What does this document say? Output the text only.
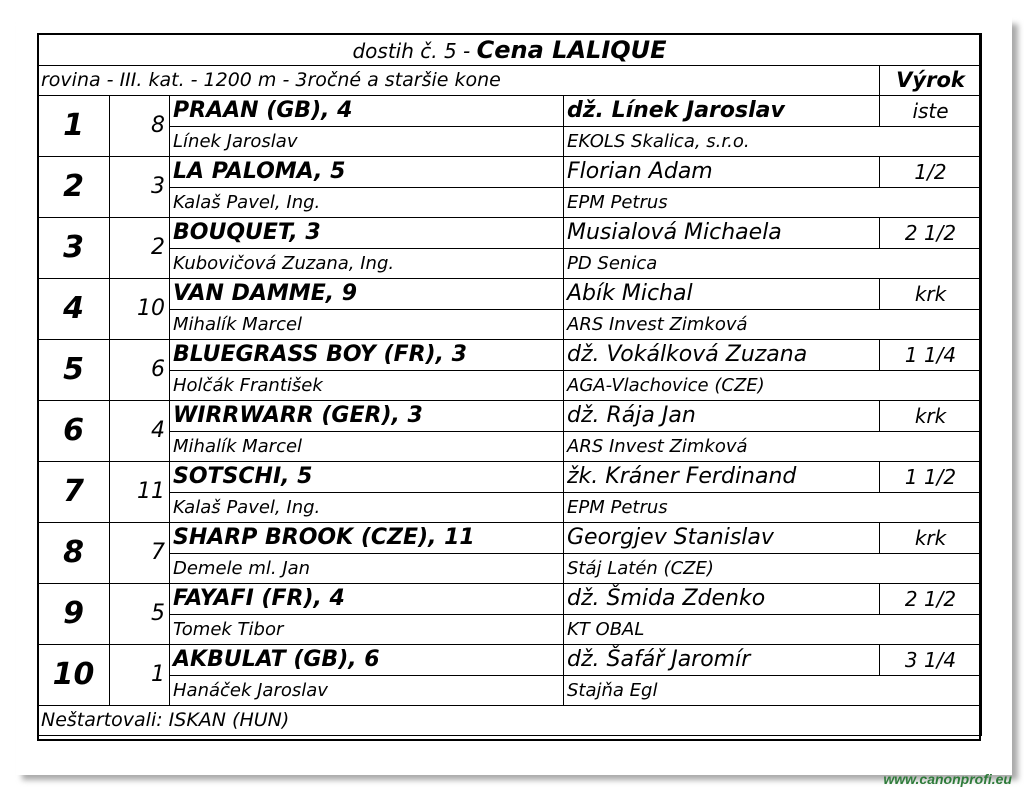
dostih č. 5 - Cena LALIQUE				
rovina - III. kat. - 1200 m - 3ročné a staršie kone				Výrok
1	8	PRAAN (GB), 4	dž. Línek Jaroslav	iste
		Línek Jaroslav	EKOLS Skalica, s.r.o.	
2	3	LA PALOMA, 5	Florian Adam	1/2
		Kalaš Pavel, Ing.	EPM Petrus	
3	2	BOUQUET, 3	Musialová Michaela	2 1/2
		Kubovičová Zuzana, Ing.	PD Senica	
4	10	VAN DAMME, 9	Abík Michal	krk
		Mihalík Marcel	ARS Invest Zimková	
5	6	BLUEGRASS BOY (FR), 3	dž. Vokálková Zuzana	1 1/4
		Holčák František	AGA-Vlachovice (CZE)	
6	4	WIRRWARR (GER), 3	dž. Rája Jan	krk
		Mihalík Marcel	ARS Invest Zimková	
7	11	SOTSCHI, 5	žk. Kráner Ferdinand	1 1/2
		Kalaš Pavel, Ing.	EPM Petrus	
8	7	SHARP BROOK (CZE), 11	Georgjev Stanislav	krk
		Demele ml. Jan	Stáj Latén (CZE)	
9	5	FAYAFI (FR), 4	dž. Šmida Zdenko	2 1/2
		Tomek Tibor	KT OBAL	
10	1	AKBULAT (GB), 6	dž. Šafář Jaromír	3 1/4
		Hanáček Jaroslav	Stajňa Egl	
Neštartovali: ISKAN (HUN)				
www.canonprofi.eu
